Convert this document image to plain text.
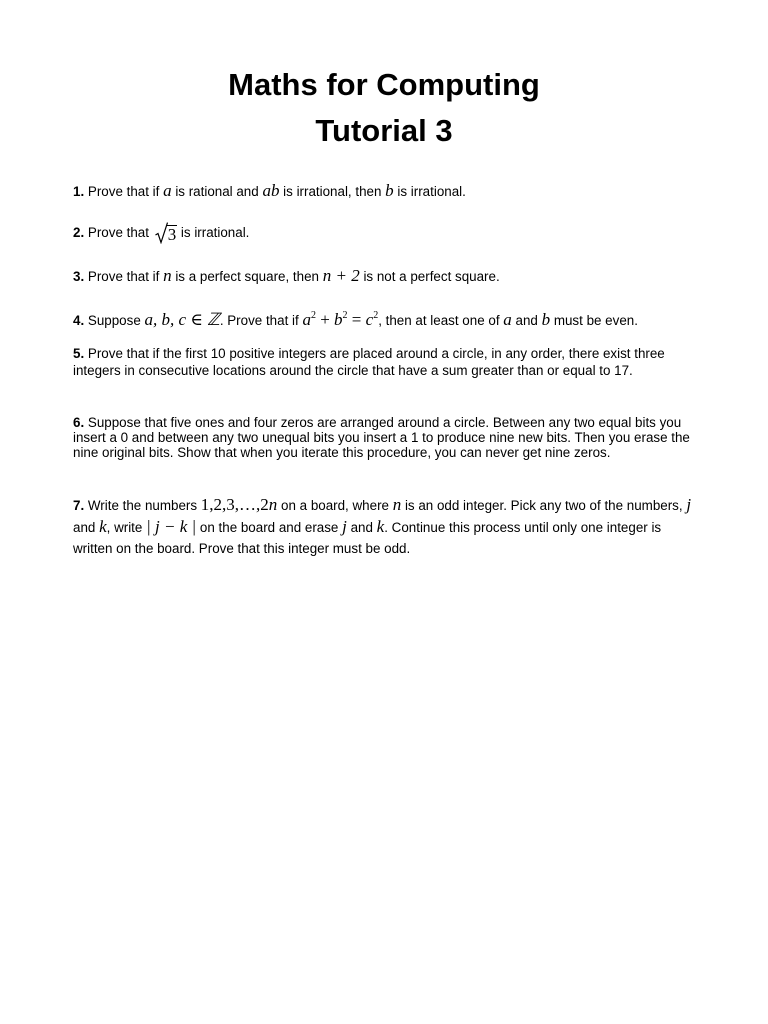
Maths for Computing
Tutorial 3
1. Prove that if a is rational and ab is irrational, then b is irrational.
2. Prove that 3 is irrational.
3. Prove that if n is a perfect square, then n + 2 is not a perfect square.
4. Suppose a, b, c ∈ ℤ. Prove that if $a^2 + b^2 = c^2$, then at least one of a and b must be even.
5. Prove that if the first 10 positive integers are placed around a circle, in any order, there exist three integers in consecutive locations around the circle that have a sum greater than or equal to 17.
6. Suppose that five ones and four zeros are arranged around a circle. Between any two equal bits you insert a 0 and between any two unequal bits you insert a 1 to produce nine new bits. Then you erase the nine original bits. Show that when you iterate this procedure, you can never get nine zeros.
7. Write the numbers 1,2,3,…,2n on a board, where n is an odd integer. Pick any two of the numbers, j and k, write | j − k | on the board and erase j and k. Continue this process until only one integer is written on the board. Prove that this integer must be odd.
